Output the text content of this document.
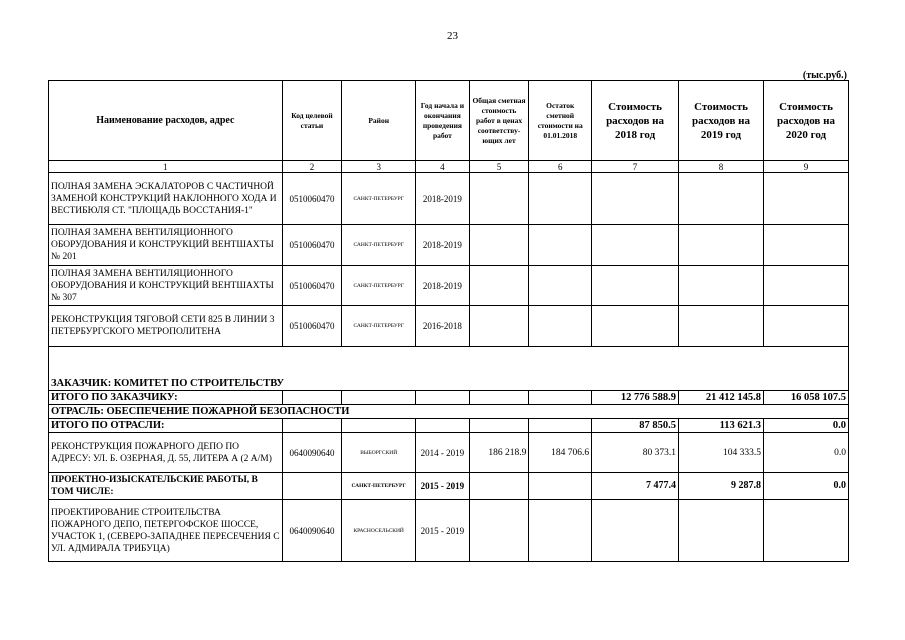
23
(тыс.руб.)
Наименование расходов, адрес	Код целевой статьи	Район	Год начала и окончания проведения работ	Общая сметная стоимость работ в ценах соответству-ющих лет	Остаток сметной стоимости на 01.01.2018	Стоимость расходов на 2018 год	Стоимость расходов на 2019 год	Стоимость расходов на 2020 год
1	2	3	4	5	6	7	8	9
ПОЛНАЯ ЗАМЕНА ЭСКАЛАТОРОВ С ЧАСТИЧНОЙ ЗАМЕНОЙ КОНСТРУКЦИЙ НАКЛОННОГО ХОДА И ВЕСТИБЮЛЯ СТ. "ПЛОЩАДЬ ВОССТАНИЯ-1"	0510060470	САНКТ-ПЕТЕРБУРГ	2018-2019					
ПОЛНАЯ ЗАМЕНА ВЕНТИЛЯЦИОННОГО ОБОРУДОВАНИЯ И КОНСТРУКЦИЙ ВЕНТШАХТЫ № 201	0510060470	САНКТ-ПЕТЕРБУРГ	2018-2019					
ПОЛНАЯ ЗАМЕНА ВЕНТИЛЯЦИОННОГО ОБОРУДОВАНИЯ И КОНСТРУКЦИЙ ВЕНТШАХТЫ № 307	0510060470	САНКТ-ПЕТЕРБУРГ	2018-2019					
РЕКОНСТРУКЦИЯ ТЯГОВОЙ СЕТИ 825 В ЛИНИИ 3 ПЕТЕРБУРГСКОГО МЕТРОПОЛИТЕНА	0510060470	САНКТ-ПЕТЕРБУРГ	2016-2018					
ЗАКАЗЧИК: КОМИТЕТ ПО СТРОИТЕЛЬСТВУ								
ИТОГО ПО ЗАКАЗЧИКУ:						12 776 588.9	21 412 145.8	16 058 107.5
ОТРАСЛЬ: ОБЕСПЕЧЕНИЕ ПОЖАРНОЙ БЕЗОПАСНОСТИ								
ИТОГО ПО ОТРАСЛИ:						87 850.5	113 621.3	0.0
РЕКОНСТРУКЦИЯ ПОЖАРНОГО ДЕПО ПО АДРЕСУ: УЛ. Б. ОЗЕРНАЯ, Д. 55, ЛИТЕРА А (2 А/М)	0640090640	ВЫБОРГСКИЙ	2014 - 2019	186 218.9	184 706.6	80 373.1	104 333.5	0.0
ПРОЕКТНО-ИЗЫСКАТЕЛЬСКИЕ РАБОТЫ, В ТОМ ЧИСЛЕ:		САНКТ-ПЕТЕРБУРГ	2015 - 2019			7 477.4	9 287.8	0.0
ПРОЕКТИРОВАНИЕ СТРОИТЕЛЬСТВА ПОЖАРНОГО ДЕПО, ПЕТЕРГОФСКОЕ ШОССЕ, УЧАСТОК 1, (СЕВЕРО-ЗАПАДНЕЕ ПЕРЕСЕЧЕНИЯ С УЛ. АДМИРАЛА ТРИБУЦА)	0640090640	КРАСНОСЕЛЬСКИЙ	2015 - 2019					
